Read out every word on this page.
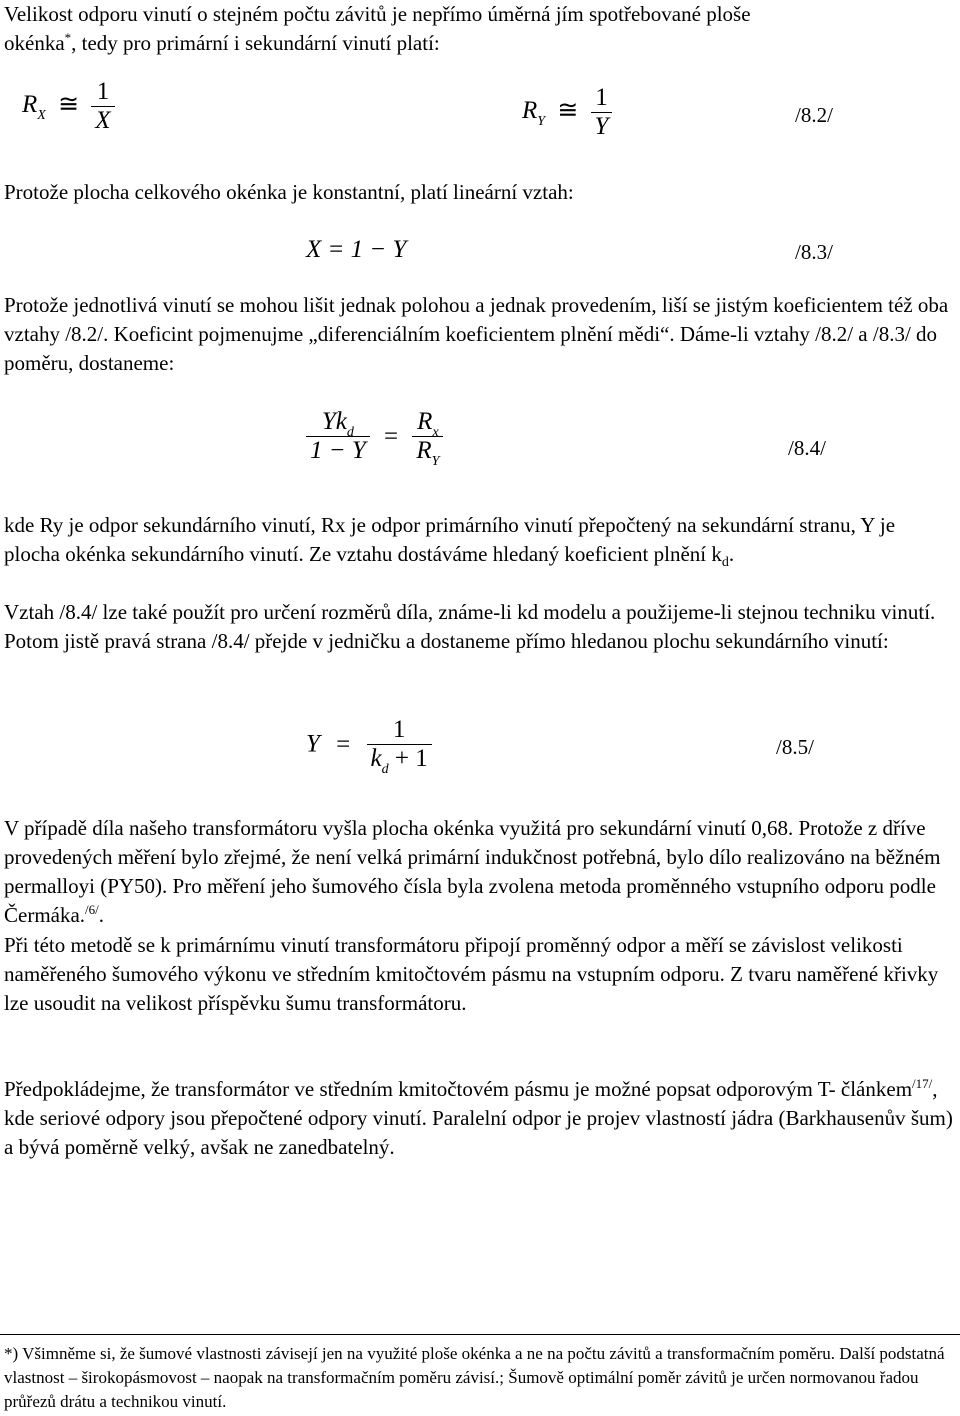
Velikost odporu vinutí o stejném počtu závitů je nepřímo úměrná jím spotřebované ploše
okénka*, tedy pro primární i sekundární vinutí platí:
$R_X$ ≅ $\frac{1}{X}$	$R_Y$ ≅ $\frac{1}{Y}$	/8.2/
Protože plocha celkového okénka je konstantní, platí lineární vztah:
X = 1 − Y	/8.3/

Protože jednotlivá vinutí se mohou lišit jednak polohou a jednak provedením, liší se jistým koeficientem též oba vztahy /8.2/. Koeficint pojmenujme „diferenciálním koeficientem plnění mědi“. Dáme-li vztahy /8.2/ a /8.3/ do poměru, dostaneme:

$\frac{Yk_d}{1 - Y} = \frac{R_x}{R_Y}$	/8.4/

kde Ry je odpor sekundárního vinutí, Rx je odpor primárního vinutí přepočtený na sekundární stranu, Y je plocha okénka sekundárního vinutí. Ze vztahu dostáváme hledaný koeficient plnění $k_d$.

Vztah /8.4/ lze také použít pro určení rozměrů díla, známe-li kd modelu a použijeme-li stejnou techniku vinutí. Potom jistě pravá strana /8.4/ přejde v jedničku a dostaneme přímo hledanou plochu sekundárního vinutí:

$Y = \frac{1}{k_d + 1}$	/8.5/

V případě díla našeho transformátoru vyšla plocha okénka využitá pro sekundární vinutí 0,68. Protože z dříve provedených měření bylo zřejmé, že není velká primární indukčnost potřebná, bylo dílo realizováno na běžném permalloyi (PY50). Pro měření jeho šumového čísla byla zvolena metoda proměnného vstupního odporu podle Čermáka.$^{/6/}$.

Při této metodě se k primárnímu vinutí transformátoru připojí proměnný odpor a měří se závislost velikosti naměřeného šumového výkonu ve středním kmitočtovém pásmu na vstupním odporu. Z tvaru naměřené křivky lze usoudit na velikost příspěvku šumu transformátoru.

Předpokládejme, že transformátor ve středním kmitočtovém pásmu je možné popsat odporovým T- článkem$^{/17/}$, kde seriové odpory jsou přepočtené odpory vinutí. Paralelní odpor je projev vlastností jádra (Barkhausenův šum) a bývá poměrně velký, avšak ne zanedbatelný.

*) Všimněme si, že šumové vlastnosti závisejí jen na využité ploše okénka a ne na počtu závitů a transformačním poměru. Další podstatná vlastnost – širokopásmovost – naopak na transformačním poměru závisí.; Šumově optimální poměr závitů je určen normovanou řadou průřezů drátu a technikou vinutí.
